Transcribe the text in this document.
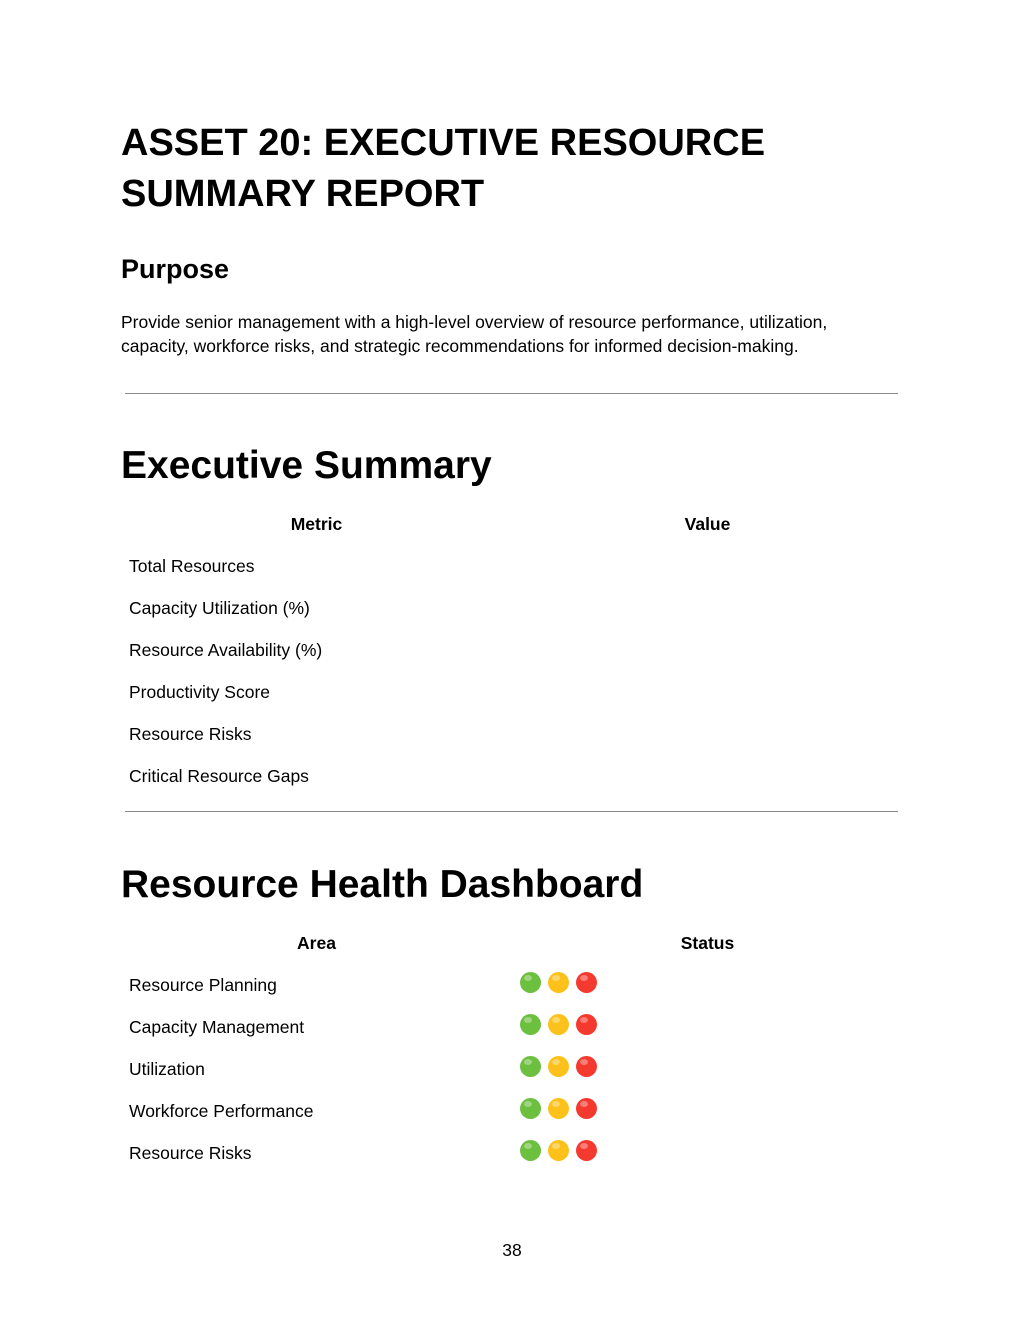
ASSET 20: EXECUTIVE RESOURCE SUMMARY REPORT
Purpose

Provide senior management with a high-level overview of resource performance, utilization, capacity, workforce risks, and strategic recommendations for informed decision-making.

Executive Summary
Metric	Value
Total Resources	
Capacity Utilization (%)	
Resource Availability (%)	
Productivity Score	
Resource Risks	
Critical Resource Gaps	
Resource Health Dashboard
Area	Status
Resource Planning	

Capacity Management	

Utilization	

Workforce Performance	

Resource Risks	

38
